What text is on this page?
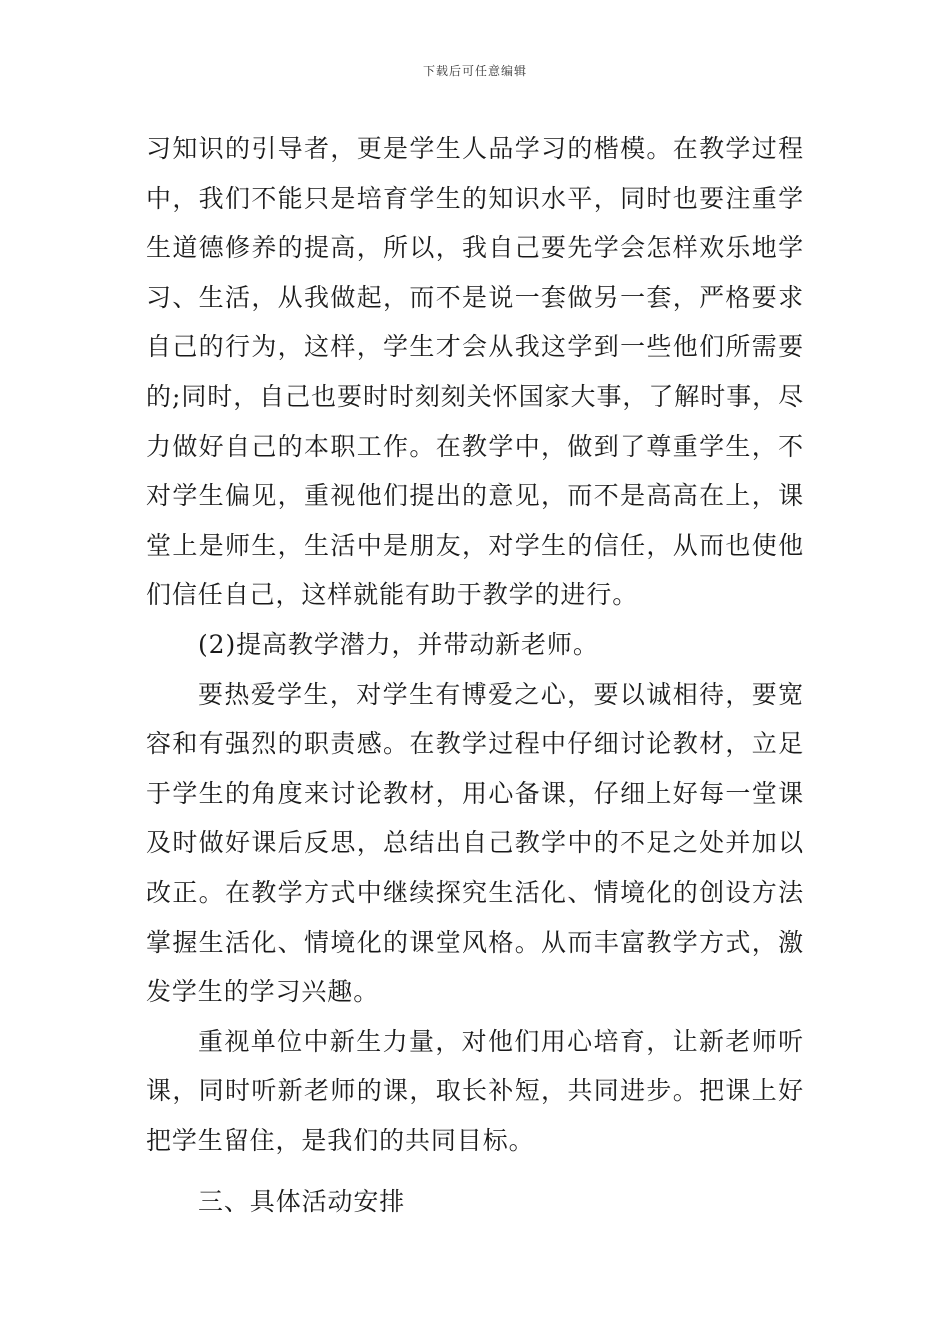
下载后可任意编辑

习知识的引导者，更是学生人品学习的楷模。在教学过程中，我们不能只是培育学生的知识水平，同时也要注重学生道德修养的提高，所以，我自己要先学会怎样欢乐地学习、生活，从我做起，而不是说一套做另一套，严格要求自己的行为，这样，学生才会从我这学到一些他们所需要的;同时，自己也要时时刻刻关怀国家大事，了解时事，尽力做好自己的本职工作。在教学中，做到了尊重学生，不对学生偏见，重视他们提出的意见，而不是高高在上，课堂上是师生，生活中是朋友，对学生的信任，从而也使他们信任自己，这样就能有助于教学的进行。

(2)提高教学潜力，并带动新老师。

要热爱学生，对学生有博爱之心，要以诚相待，要宽容和有强烈的职责感。在教学过程中仔细讨论教材，立足于学生的角度来讨论教材，用心备课，仔细上好每一堂课及时做好课后反思，总结出自己教学中的不足之处并加以改正。在教学方式中继续探究生活化、情境化的创设方法掌握生活化、情境化的课堂风格。从而丰富教学方式，激发学生的学习兴趣。

重视单位中新生力量，对他们用心培育，让新老师听课，同时听新老师的课，取长补短，共同进步。把课上好把学生留住，是我们的共同目标。

三、具体活动安排
